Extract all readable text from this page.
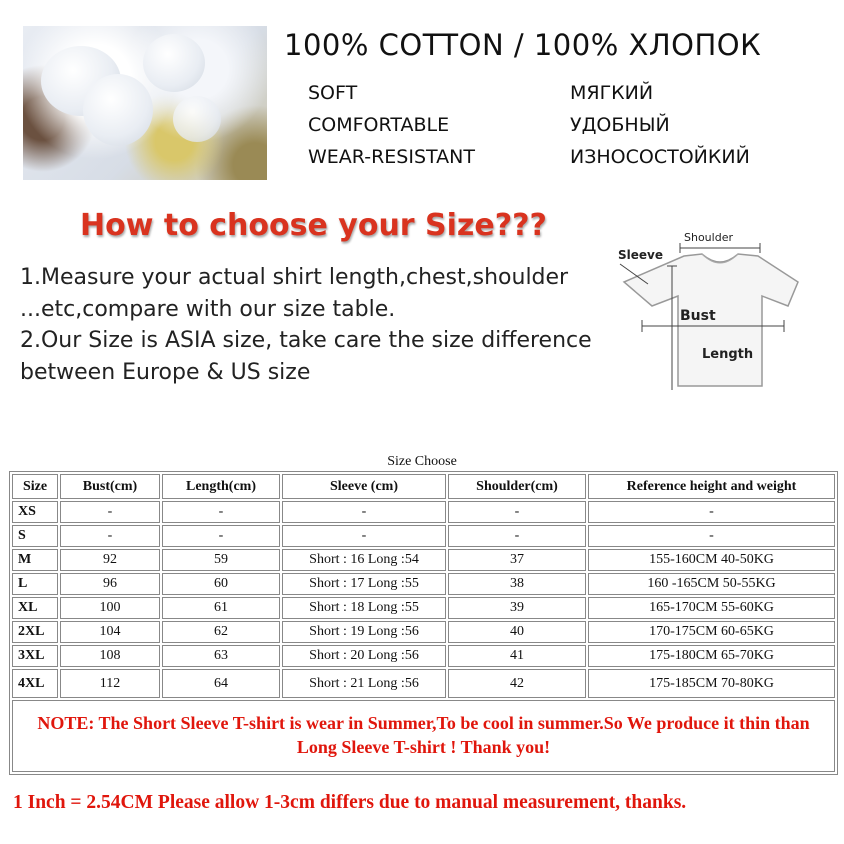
100% COTTON / 100% ХЛОПОК
SOFT
COMFORTABLE
WEAR-RESISTANT
МЯГКИЙ
УДОБНЫЙ
ИЗНОСОСТОЙКИЙ
How to choose your Size???
1.Measure your actual shirt length,chest,shoulder
...etc,compare with our size table.
2.Our Size is ASIA size, take care the size difference
between Europe & US size
Shoulder
Sleeve
Bust
Length
Size Choose
Size	Bust(cm)	Length(cm)	Sleeve (cm)	Shoulder(cm)	Reference height and weight
XS	-	-	-	-	-
S	-	-	-	-	-
M	92	59	Short : 16 Long :54	37	155-160CM 40-50KG
L	96	60	Short : 17 Long :55	38	160 -165CM 50-55KG
XL	100	61	Short : 18 Long :55	39	165-170CM 55-60KG
2XL	104	62	Short : 19 Long :56	40	170-175CM 60-65KG
3XL	108	63	Short : 20 Long :56	41	175-180CM 65-70KG
4XL	112	64	Short : 21 Long :56	42	175-185CM 70-80KG
NOTE: The Short Sleeve T-shirt is wear in Summer,To be cool in summer.So We produce it thin than Long Sleeve T-shirt ! Thank you!					
1 Inch = 2.54CM Please allow 1-3cm differs due to manual measurement, thanks.
